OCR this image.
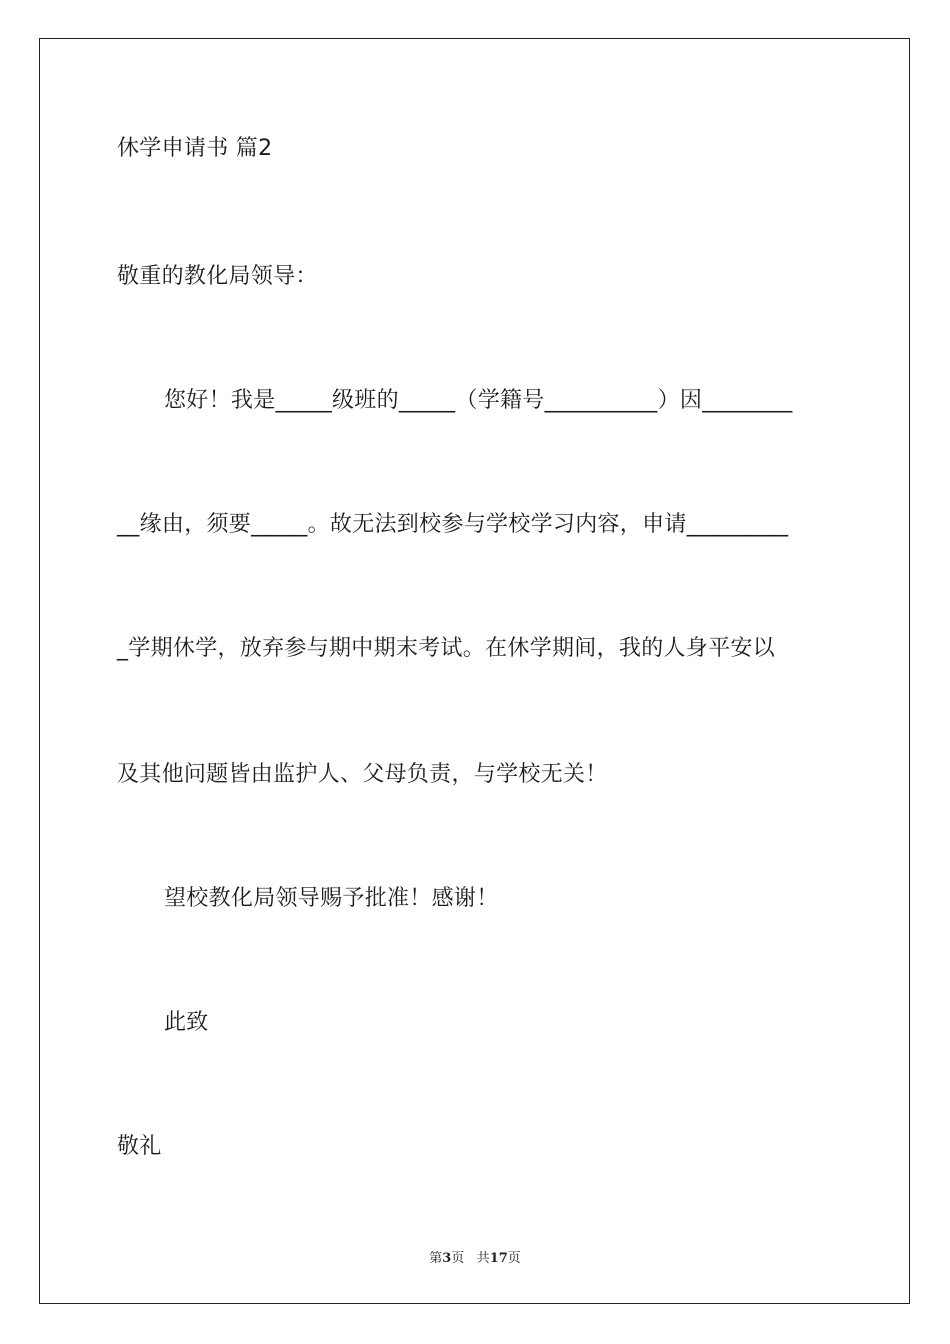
休学申请书 篇2
敬重的教化局领导：
您好！我是_____级班的_____（学籍号__________）因________
__缘由，须要_____。故无法到校参与学校学习内容，申请_________
_学期休学，放弃参与期中期末考试。在休学期间，我的人身平安以
及其他问题皆由监护人、父母负责，与学校无关！
望校教化局领导赐予批准！感谢！
此致
敬礼
第3页 共17页
